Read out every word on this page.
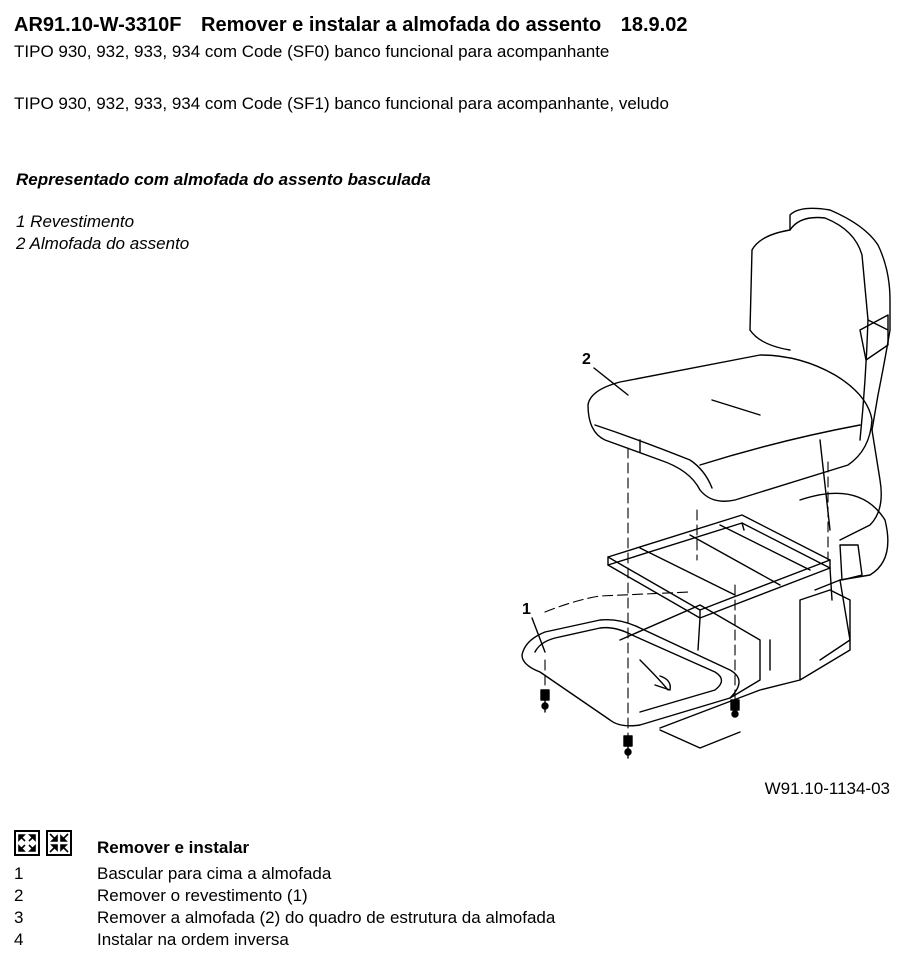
AR91.10-W-3310F Remover e instalar a almofada do assento 18.9.02
TIPO 930, 932, 933, 934 com Code (SF0) banco funcional para acompanhante
TIPO 930, 932, 933, 934 com Code (SF1) banco funcional para acompanhante, veludo
Representado com almofada do assento basculada
1 Revestimento
2 Almofada do assento
2
1
W91.10-1134-03
Remover e instalar
1	Bascular para cima a almofada
2	Remover o revestimento (1)
3	Remover a almofada (2) do quadro de estrutura da almofada
4	Instalar na ordem inversa
